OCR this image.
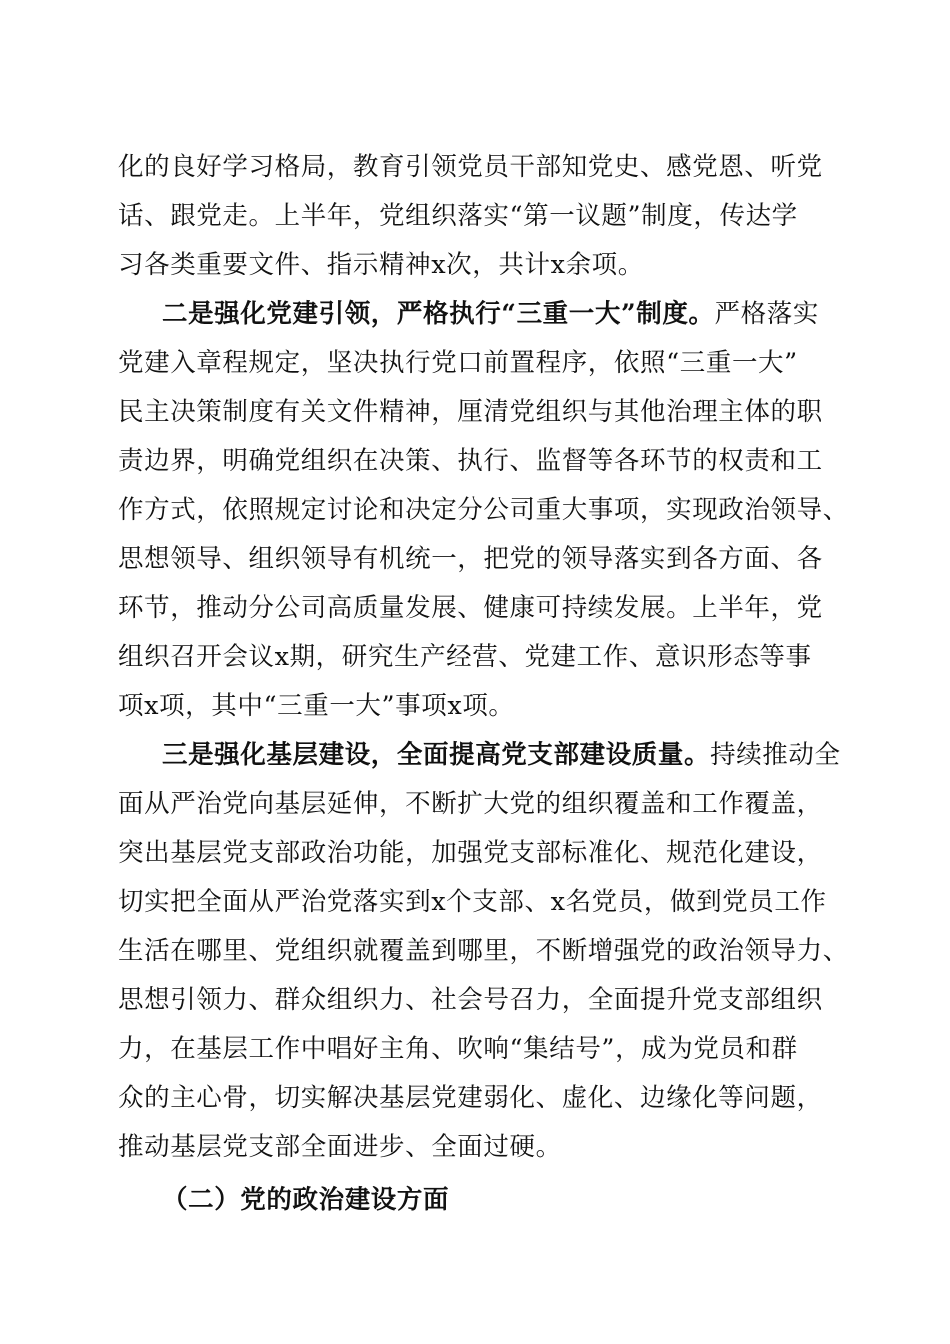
化的良好学习格局，教育引领党员干部知党史、感党恩、听党
话、跟党走。上半年，党组织落实“第一议题”制度，传达学
习各类重要文件、指示精神x次，共计x余项。
二是强化党建引领，严格执行“三重一大”制度。严格落实
党建入章程规定，坚决执行党口前置程序，依照“三重一大”
民主决策制度有关文件精神，厘清党组织与其他治理主体的职
责边界，明确党组织在决策、执行、监督等各环节的权责和工
作方式，依照规定讨论和决定分公司重大事项，实现政治领导、
思想领导、组织领导有机统一，把党的领导落实到各方面、各
环节，推动分公司高质量发展、健康可持续发展。上半年，党
组织召开会议x期，研究生产经营、党建工作、意识形态等事
项x项，其中“三重一大”事项x项。
三是强化基层建设，全面提高党支部建设质量。持续推动全
面从严治党向基层延伸，不断扩大党的组织覆盖和工作覆盖，
突出基层党支部政治功能，加强党支部标准化、规范化建设，
切实把全面从严治党落实到x个支部、x名党员，做到党员工作
生活在哪里、党组织就覆盖到哪里，不断增强党的政治领导力、
思想引领力、群众组织力、社会号召力，全面提升党支部组织
力，在基层工作中唱好主角、吹响“集结号”，成为党员和群
众的主心骨，切实解决基层党建弱化、虚化、边缘化等问题，
推动基层党支部全面进步、全面过硬。
（二）党的政治建设方面
